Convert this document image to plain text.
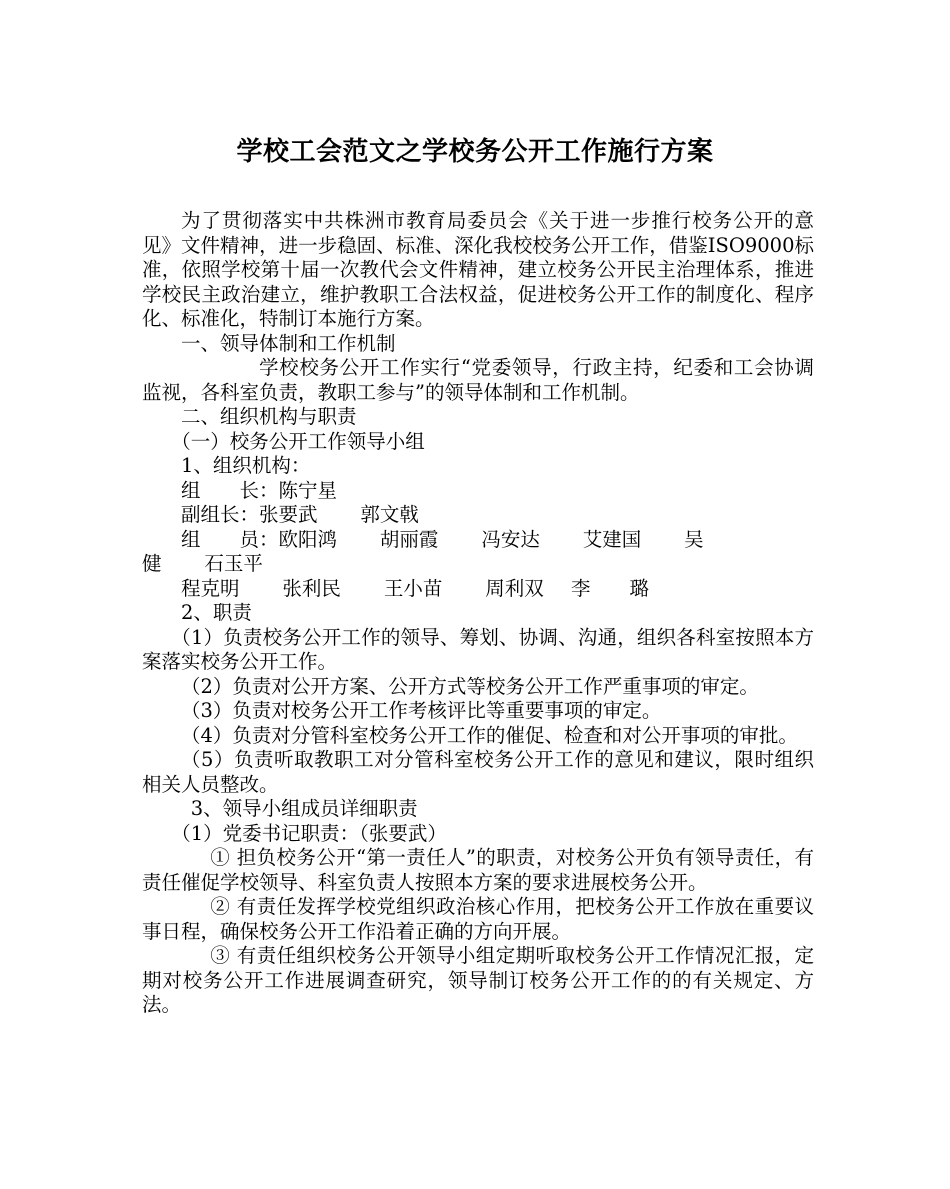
学校工会范文之学校务公开工作施行方案

为了贯彻落实中共株洲市教育局委员会《关于进一步推行校务公开的意见》文件精神，进一步稳固、标准、深化我校校务公开工作，借鉴ISO9000标准，依照学校第十届一次教代会文件精神，建立校务公开民主治理体系，推进学校民主政治建立，维护教职工合法权益，促进校务公开工作的制度化、程序化、标准化，特制订本施行方案。

一、领导体制和工作机制

学校校务公开工作实行“党委领导，行政主持，纪委和工会协调监视，各科室负责，教职工参与”的领导体制和工作机制。

二、组织机构与职责

（一）校务公开工作领导小组

1、组织机构：

组　　长：陈宁星
副组长：张要武 郭文戟
组　　员：欧阳鸿 胡丽霞 冯安达 艾建国 吴
健 石玉平
程克明 张利民 王小苗 周利双 李　　璐

2、职责

（1）负责校务公开工作的领导、筹划、协调、沟通，组织各科室按照本方案落实校务公开工作。

（2）负责对公开方案、公开方式等校务公开工作严重事项的审定。

（3）负责对校务公开工作考核评比等重要事项的审定。

（4）负责对分管科室校务公开工作的催促、检查和对公开事项的审批。

（5）负责听取教职工对分管科室校务公开工作的意见和建议，限时组织相关人员整改。

3、领导小组成员详细职责

（1）党委书记职责：（张要武）

① 担负校务公开“第一责任人”的职责，对校务公开负有领导责任，有责任催促学校领导、科室负责人按照本方案的要求进展校务公开。

② 有责任发挥学校党组织政治核心作用，把校务公开工作放在重要议事日程，确保校务公开工作沿着正确的方向开展。

③ 有责任组织校务公开领导小组定期听取校务公开工作情况汇报，定期对校务公开工作进展调查研究，领导制订校务公开工作的的有关规定、方法。
